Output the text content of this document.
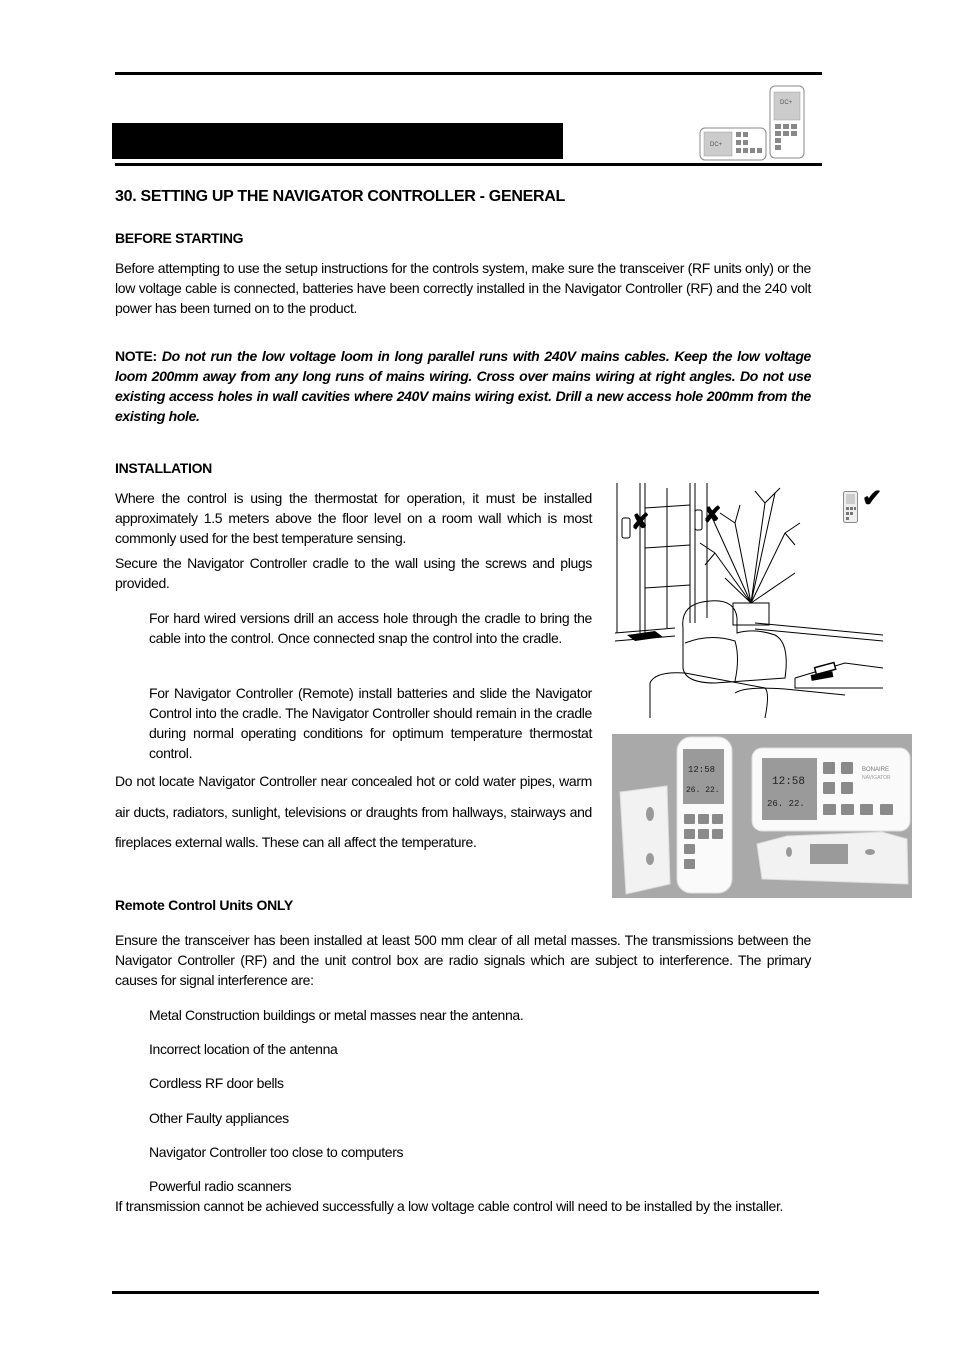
DC+
DC+
30. SETTING UP THE NAVIGATOR CONTROLLER - GENERAL
BEFORE STARTING
Before attempting to use the setup instructions for the controls system, make sure the transceiver (RF units only) or the low voltage cable is connected, batteries have been correctly installed in the Navigator Controller (RF) and the 240 volt power has been turned on to the product.
NOTE: Do not run the low voltage loom in long parallel runs with 240V mains cables. Keep the low voltage loom 200mm away from any long runs of mains wiring. Cross over mains wiring at right angles. Do not use existing access holes in wall cavities where 240V mains wiring exist. Drill a new access hole 200mm from the existing hole.
INSTALLATION
Where the control is using the thermostat for operation, it must be installed approximately 1.5 meters above the floor level on a room wall which is most commonly used for the best temperature sensing.
Secure the Navigator Controller cradle to the wall using the screws and plugs provided.
For hard wired versions drill an access hole through the cradle to bring the cable into the control. Once connected snap the control into the cradle.
For Navigator Controller (Remote) install batteries and slide the Navigator Control into the cradle. The Navigator Controller should remain in the cradle during normal operating conditions for optimum temperature thermostat control.
Do not locate Navigator Controller near concealed hot or cold water pipes, warm air ducts, radiators, sunlight, televisions or draughts from hallways, stairways and fireplaces external walls. These can all affect the temperature.
✘ ✘
✔
12:58
26. 22.
12:58
26. 22.
BONAIRE
NAVIGATOR
Remote Control Units ONLY
Ensure the transceiver has been installed at least 500 mm clear of all metal masses. The transmissions between the Navigator Controller (RF) and the unit control box are radio signals which are subject to interference. The primary causes for signal interference are:
Metal Construction buildings or metal masses near the antenna.
Incorrect location of the antenna
Cordless RF door bells
Other Faulty appliances
Navigator Controller too close to computers
Powerful radio scanners
If transmission cannot be achieved successfully a low voltage cable control will need to be installed by the installer.
